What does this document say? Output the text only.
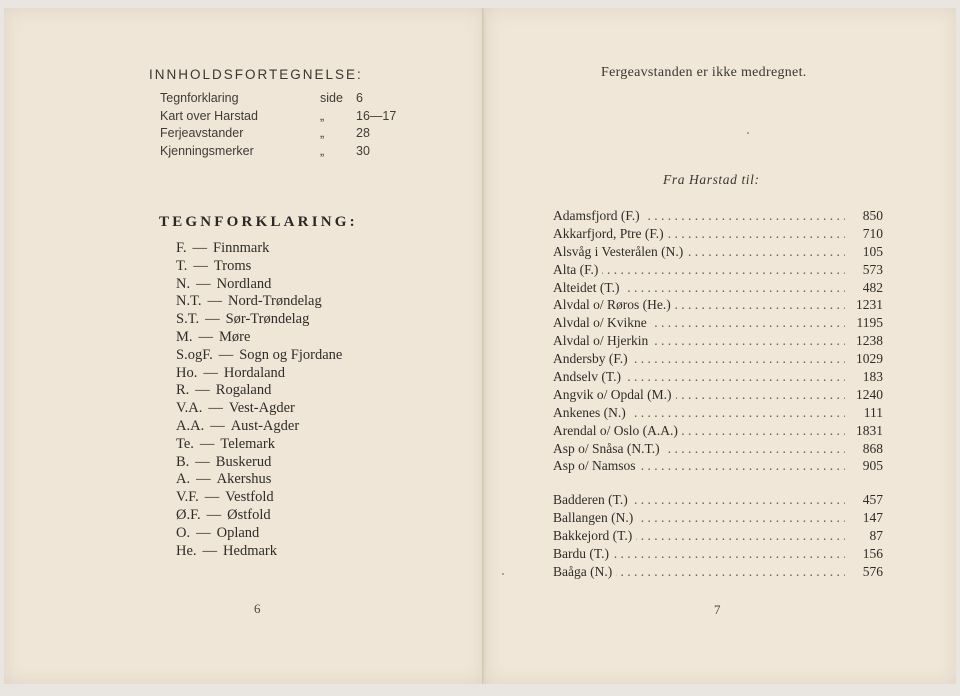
INNHOLDSFORTEGNELSE:
Tegnforklaring	side 6
Kart over Harstad	„	16—17
Ferjeavstander	„	28
Kjenningsmerker	„	30
TEGNFORKLARING:
F. — Finnmark
T. — Troms
N. — Nordland
N.T. — Nord-Trøndelag
S.T. — Sør-Trøndelag
M. — Møre
S.ogF. — Sogn og Fjordane
Ho. — Hordaland
R. — Rogaland
V.A. — Vest-Agder
A.A. — Aust-Agder
Te. — Telemark
B. — Buskerud
A. — Akershus
V.F. — Vestfold
Ø.F. — Østfold
O. — Opland
He. — Hedmark
6
Fergeavstanden er ikke medregnet.
Fra Harstad til:
. . .
Adamsfjord (F.)	850
. . .
Akkarfjord, Ptre (F.)	710
. . .
Alsvåg i Vesterålen (N.)	105
. . .
Alta (F.)	573
. . .
Alteidet (T.)	482
. . .
Alvdal o/ Røros (He.)	1231
. . .
Alvdal o/ Kvikne	1195
. . .
Alvdal o/ Hjerkin	1238
. . .
Andersby (F.)	1029
. . .
Andselv (T.)	183
. . .
Angvik o/ Opdal (M.)	1240
. . .
Ankenes (N.)	111
. . .
Arendal o/ Oslo (A.A.)	1831
. . .
Asp o/ Snåsa (N.T.)	868
. . .
Asp o/ Namsos	905
. . .
Badderen (T.)	457
. . .
Ballangen (N.)	147
. . .
Bakkejord (T.)	87
. . .
Bardu (T.)	156
. . .
Baåga (N.)	576
7
